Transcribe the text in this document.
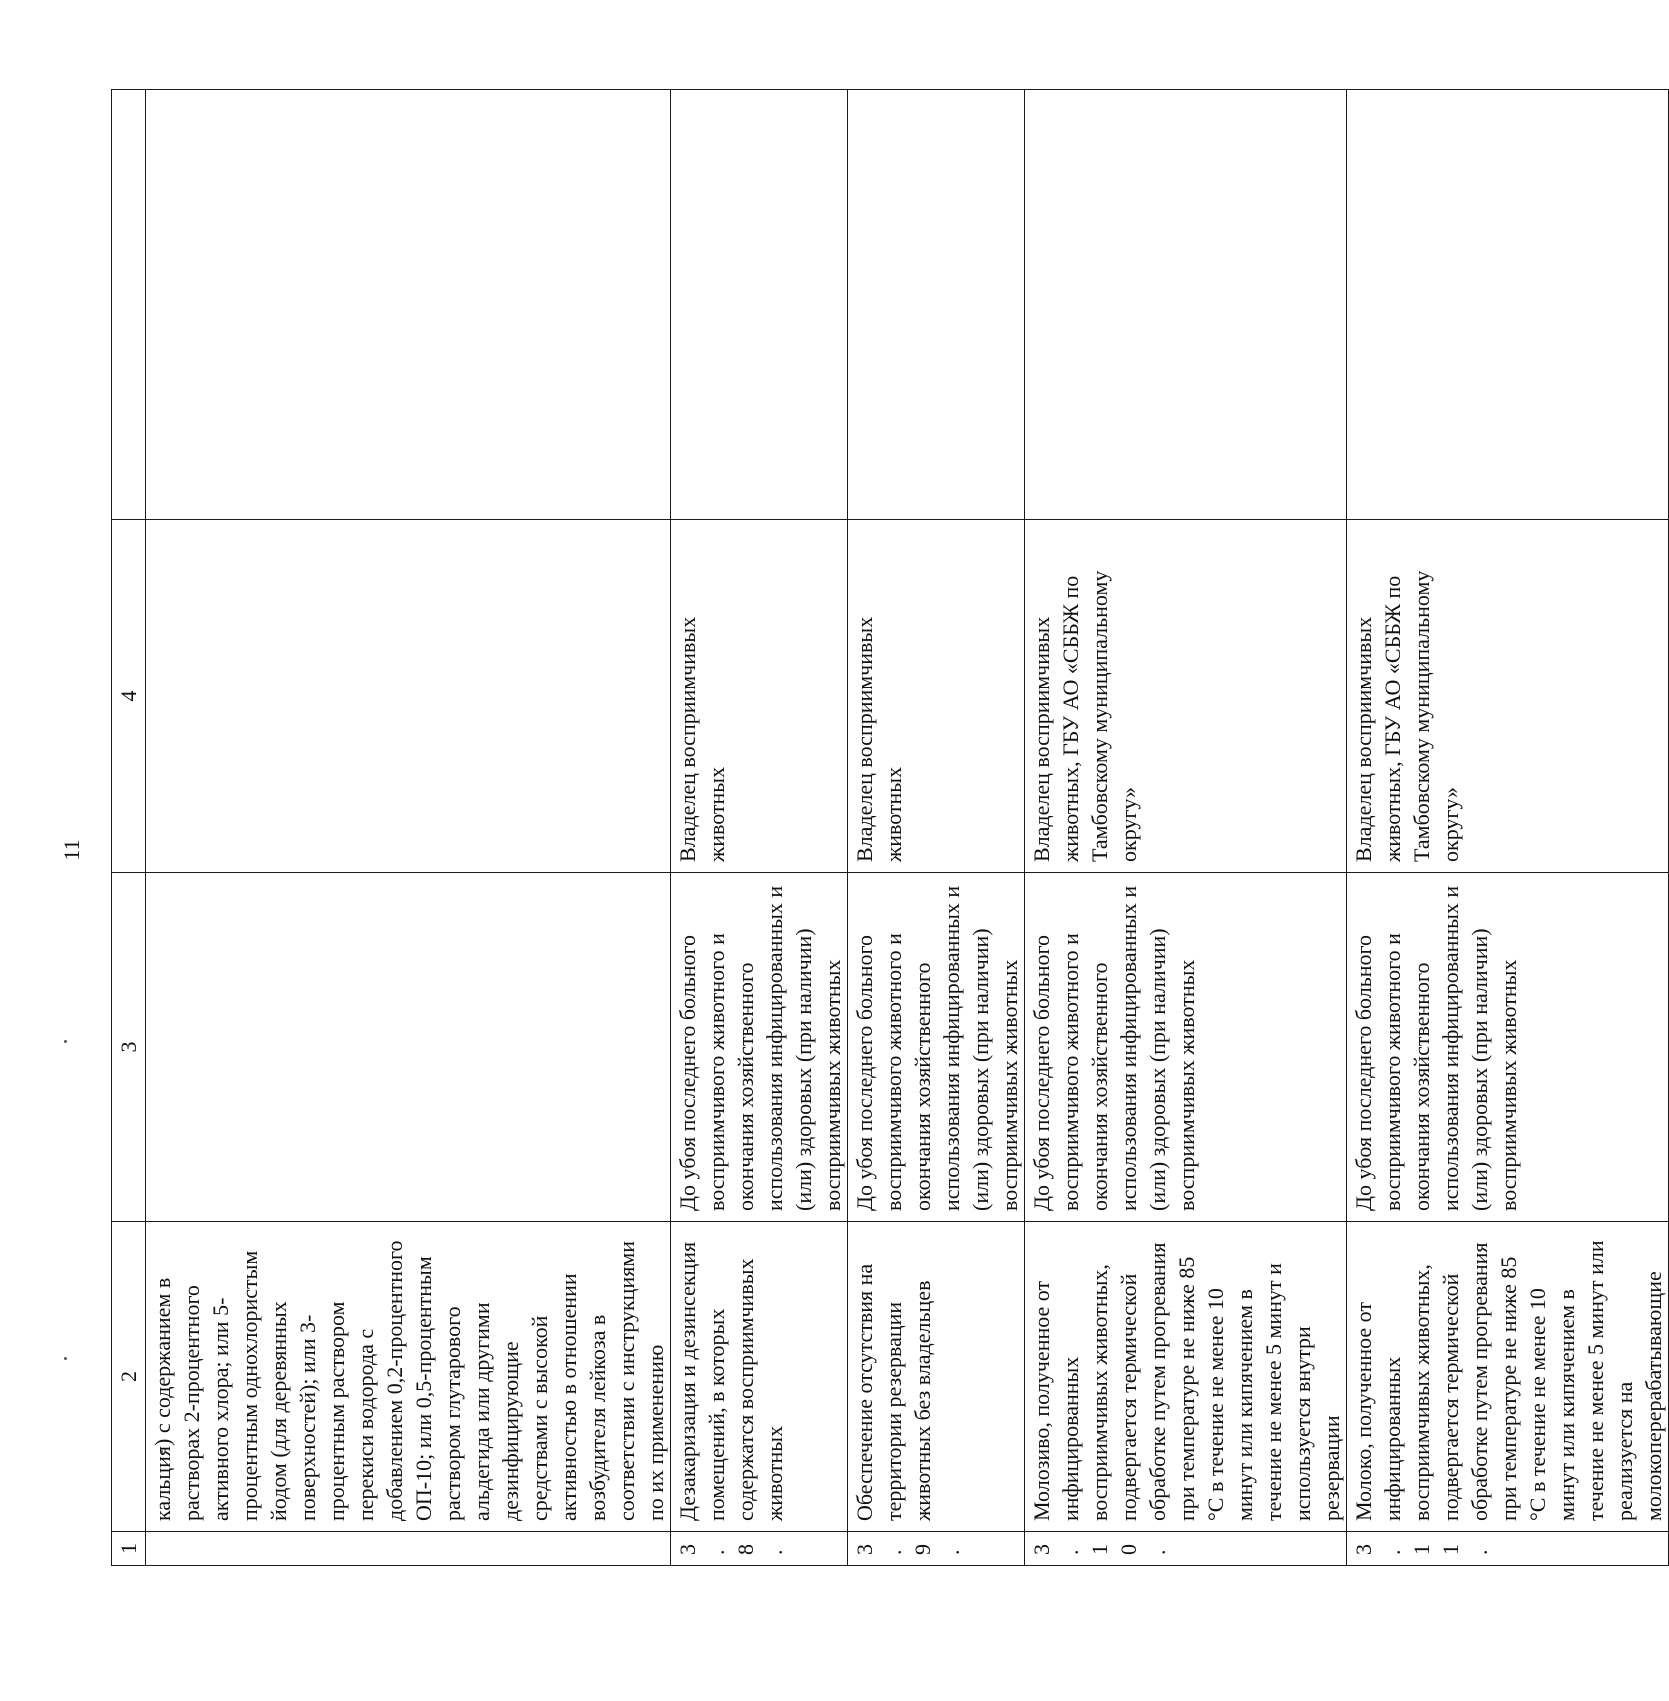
11
1	2	3	4	

	кальция) с содержанием в растворах 2-процентного активного хлора; или 5-процентным однохлористым йодом (для деревянных поверхностей); или 3-процентным раствором перекиси водорода с добавлением 0,2-процентного ОП-10; или 0,5-процентным раствором глутарового альдегида или другими дезинфицирующие средствами с высокой активностью в отношении возбудителя лейкоза в соответствии с инструкциями по их применению			

3.8.	Дезакаризация и дезинсекция помещений, в которых содержатся восприимчивых животных	До убоя последнего больного восприимчивого животного и окончания хозяйственного использования инфицированных и (или) здоровых (при наличии) восприимчивых животных	Владелец восприимчивых животных	
3.9.	Обеспечение отсутствия на территории резервации животных без владельцев	До убоя последнего больного восприимчивого животного и окончания хозяйственного использования инфицированных и (или) здоровых (при наличии) восприимчивых животных	Владелец восприимчивых животных	
3.10.	Молозиво, полученное от инфицированных восприимчивых животных, подвергается термической обработке путем прогревания при температуре не ниже 85 °С в течение не менее 10 минут или кипячением в течение не менее 5 минут и используется внутри резервации	До убоя последнего больного восприимчивого животного и окончания хозяйственного использования инфицированных и (или) здоровых (при наличии) восприимчивых животных	Владелец восприимчивых животных, ГБУ АО «СББЖ по Тамбовскому муниципальному округу»	
3.11.	Молоко, полученное от инфицированных восприимчивых животных, подвергается термической обработке путем прогревания при температуре не ниже 85 °С в течение не менее 10 минут или кипячением в течение не менее 5 минут или реализуется на молокоперерабатывающие	До убоя последнего больного восприимчивого животного и окончания хозяйственного использования инфицированных и (или) здоровых (при наличии) восприимчивых животных	Владелец восприимчивых животных, ГБУ АО «СББЖ по Тамбовскому муниципальному округу»	
